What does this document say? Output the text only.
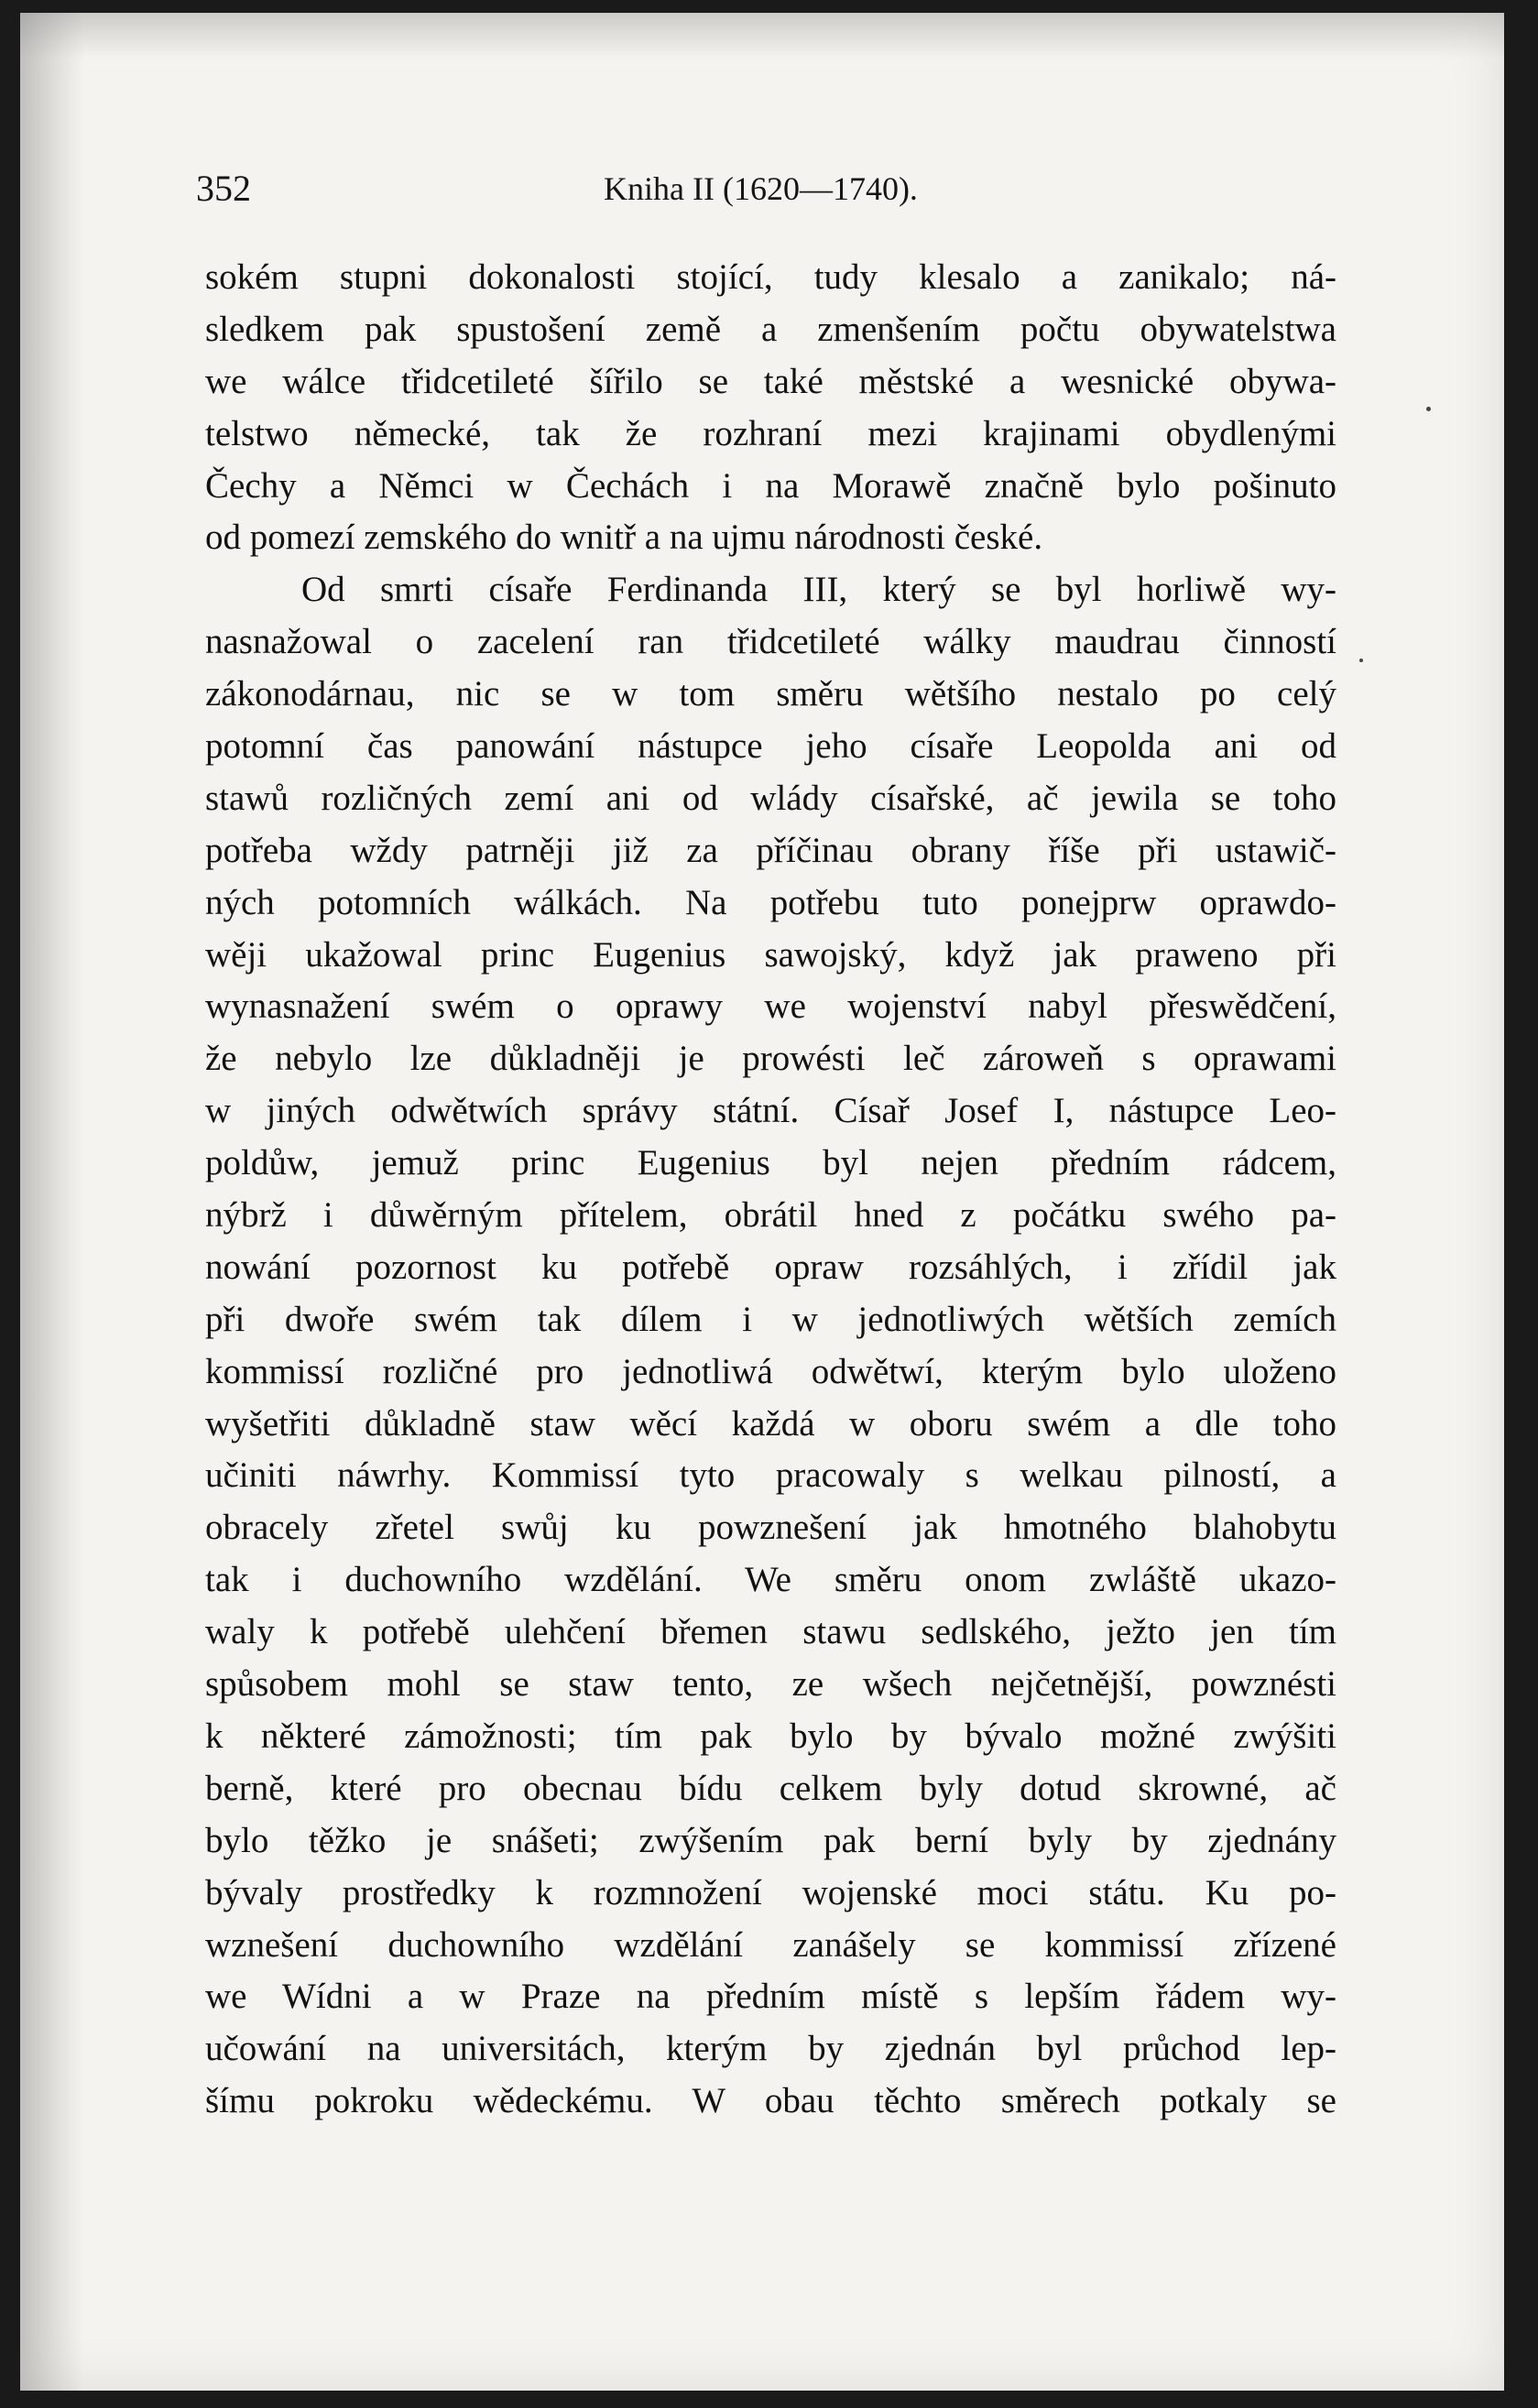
352	Kniha II (1620—1740).
sokém stupni dokonalosti stojící, tudy klesalo a zanikalo; ná-
sledkem pak spustošení země a zmenšením počtu obywatelstwa
we wálce třidcetileté šířilo se také městské a wesnické obywa-
telstwo německé, tak že rozhraní mezi krajinami obydlenými
Čechy a Němci w Čechách i na Morawě značně bylo pošinuto
od pomezí zemského do wnitř a na ujmu národnosti české.
Od smrti císaře Ferdinanda III, který se byl horliwě wy-
nasnažowal o zacelení ran třidcetileté wálky maudrau činností
zákonodárnau, nic se w tom směru wětšího nestalo po celý
potomní čas panowání nástupce jeho císaře Leopolda ani od
stawů rozličných zemí ani od wlády císařské, ač jewila se toho
potřeba wždy patrněji již za příčinau obrany říše při ustawič-
ných potomních wálkách. Na potřebu tuto ponejprw oprawdo-
wěji ukažowal princ Eugenius sawojský, když jak praweno při
wynasnažení swém o oprawy we wojenství nabyl přeswědčení,
že nebylo lze důkladněji je prowésti leč zároweň s oprawami
w jiných odwětwích správy státní. Císař Josef I, nástupce Leo-
poldůw, jemuž princ Eugenius byl nejen předním rádcem,
nýbrž i důwěrným přítelem, obrátil hned z počátku swého pa-
nowání pozornost ku potřebě opraw rozsáhlých, i zřídil jak
při dwoře swém tak dílem i w jednotliwých wětších zemích
kommissí rozličné pro jednotliwá odwětwí, kterým bylo uloženo
wyšetřiti důkladně staw wěcí každá w oboru swém a dle toho
učiniti náwrhy. Kommissí tyto pracowaly s welkau pilností, a
obracely zřetel swůj ku powznešení jak hmotného blahobytu
tak i duchowního wzdělání. We směru onom zwláště ukazo-
waly k potřebě ulehčení břemen stawu sedlského, ježto jen tím
spůsobem mohl se staw tento, ze wšech nejčetnější, powznésti
k některé zámožnosti; tím pak bylo by bývalo možné zwýšiti
berně, které pro obecnau bídu celkem byly dotud skrowné, ač
bylo těžko je snášeti; zwýšením pak berní byly by zjednány
bývaly prostředky k rozmnožení wojenské moci státu. Ku po-
wznešení duchowního wzdělání zanášely se kommissí zřízené
we Wídni a w Praze na předním místě s lepším řádem wy-
učowání na universitách, kterým by zjednán byl průchod lep-
šímu pokroku wědeckému. W obau těchto směrech potkaly se
